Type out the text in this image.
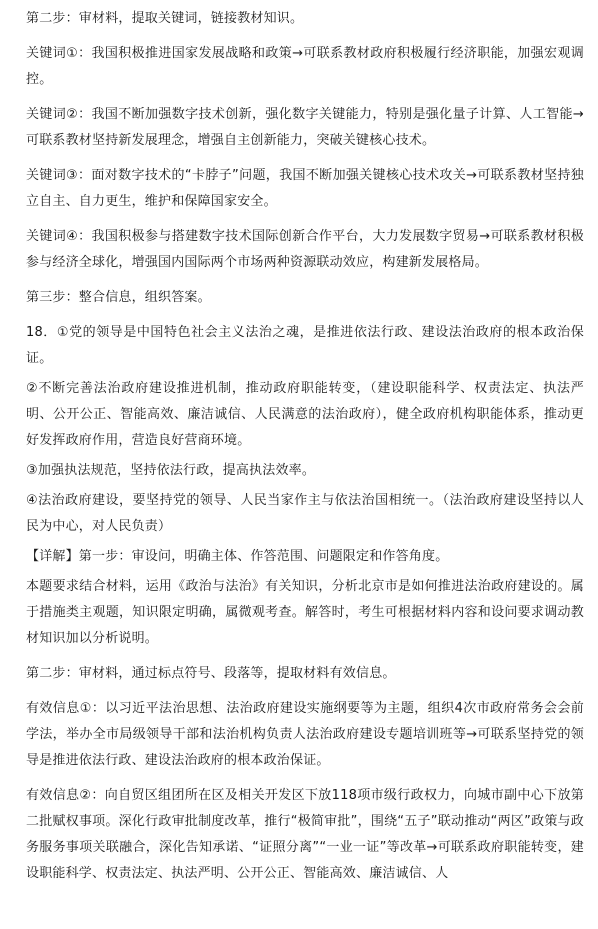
第二步：审材料，提取关键词，链接教材知识。

关键词①：我国积极推进国家发展战略和政策→可联系教材政府积极履行经济职能，加强宏观调控。

关键词②：我国不断加强数字技术创新，强化数字关键能力，特别是强化量子计算、人工智能→可联系教材坚持新发展理念，增强自主创新能力，突破关键核心技术。

关键词③：面对数字技术的“卡脖子”问题，我国不断加强关键核心技术攻关→可联系教材坚持独立自主、自力更生，维护和保障国家安全。

关键词④：我国积极参与搭建数字技术国际创新合作平台，大力发展数字贸易→可联系教材积极参与经济全球化，增强国内国际两个市场两种资源联动效应，构建新发展格局。

第三步：整合信息，组织答案。

18．①党的领导是中国特色社会主义法治之魂，是推进依法行政、建设法治政府的根本政治保证。

②不断完善法治政府建设推进机制，推动政府职能转变，（建设职能科学、权责法定、执法严明、公开公正、智能高效、廉洁诚信、人民满意的法治政府），健全政府机构职能体系，推动更好发挥政府作用，营造良好营商环境。

③加强执法规范，坚持依法行政，提高执法效率。

④法治政府建设，要坚持党的领导、人民当家作主与依法治国相统一。（法治政府建设坚持以人民为中心，对人民负责）

【详解】第一步：审设问，明确主体、作答范围、问题限定和作答角度。

本题要求结合材料，运用《政治与法治》有关知识，分析北京市是如何推进法治政府建设的。属于措施类主观题，知识限定明确，属微观考查。解答时，考生可根据材料内容和设问要求调动教材知识加以分析说明。

第二步：审材料，通过标点符号、段落等，提取材料有效信息。

有效信息①：以习近平法治思想、法治政府建设实施纲要等为主题，组织4次市政府常务会会前学法，举办全市局级领导干部和法治机构负责人法治政府建设专题培训班等→可联系坚持党的领导是推进依法行政、建设法治政府的根本政治保证。

有效信息②：向自贸区组团所在区及相关开发区下放118项市级行政权力，向城市副中心下放第二批赋权事项。深化行政审批制度改革，推行“极简审批”，围绕“五子”联动推动“两区”政策与政务服务事项关联融合，深化告知承诺、“证照分离”“一业一证”等改革→可联系政府职能转变，建设职能科学、权责法定、执法严明、公开公正、智能高效、廉洁诚信、人
